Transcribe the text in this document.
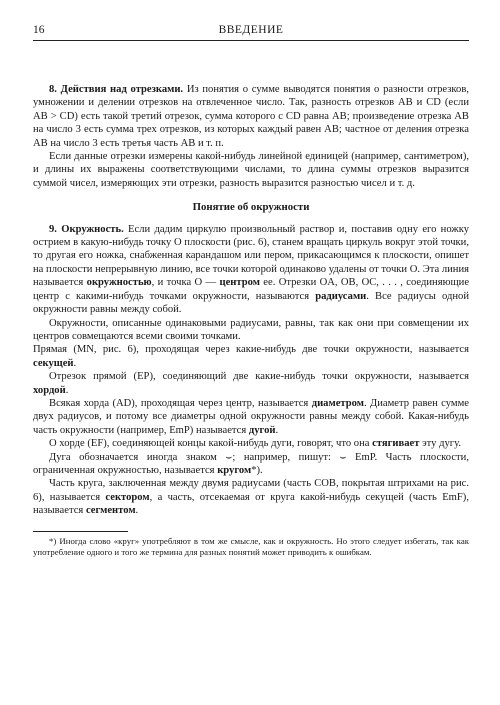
16	ВВЕДЕНИЕ

8. Действия над отрезками. Из понятия о сумме выводятся понятия о разности отрезков, умножении и делении отрезков на отвлеченное число. Так, разность отрезков AB и CD (если AB > CD) есть такой третий отрезок, сумма которого с CD равна AB; произведение отрезка AB на число 3 есть сумма трех отрезков, из которых каждый равен AB; частное от деления отрезка AB на число 3 есть третья часть AB и т. п.

Если данные отрезки измерены какой-нибудь линейной единицей (например, сантиметром), и длины их выражены соответствующими числами, то длина суммы отрезков выразится суммой чисел, измеряющих эти отрезки, разность выразится разностью чисел и т. д.

Понятие об окружности

9. Окружность. Если дадим циркулю произвольный раствор и, поставив одну его ножку острием в какую-нибудь точку O плоскости (рис. 6), станем вращать циркуль вокруг этой точки, то другая его ножка, снабженная карандашом или пером, прикасающимся к плоскости, опишет на плоскости непрерывную линию, все точки которой одинаково удалены от точки O. Эта линия называется окружностью, и точка O — центром ее. Отрезки OA, OB, OC, . . . , соединяющие центр с какими-нибудь точками окружности, называются радиусами. Все радиусы одной окружности равны между собой.

Окружности, описанные одинаковыми радиусами, равны, так как они при совмещении их центров совмещаются всеми своими точками.

Прямая (MN, рис. 6), проходящая через какие-нибудь две точки окружности, называется секущей.

Отрезок прямой (EP), соединяющий две какие-нибудь точки окружности, называется хордой.

Всякая хорда (AD), проходящая через центр, называется диаметром. Диаметр равен сумме двух радиусов, и потому все диаметры одной окружности равны между собой. Какая-нибудь часть окружности (например, EmP) называется дугой.

О хорде (EF), соединяющей концы какой-нибудь дуги, говорят, что она стягивает эту дугу.

Дуга обозначается иногда знаком ⌣; например, пишут: ⌣ EmP. Часть плоскости, ограниченная окружностью, называется кругом*).

Часть круга, заключенная между двумя радиусами (часть COB, покрытая штрихами на рис. 6), называется сектором, а часть, отсекаемая от круга какой-нибудь секущей (часть EmF), называется сегментом.

*) Иногда слово «круг» употребляют в том же смысле, как и окружность. Но этого следует избегать, так как употребление одного и того же термина для разных понятий может приводить к ошибкам.
